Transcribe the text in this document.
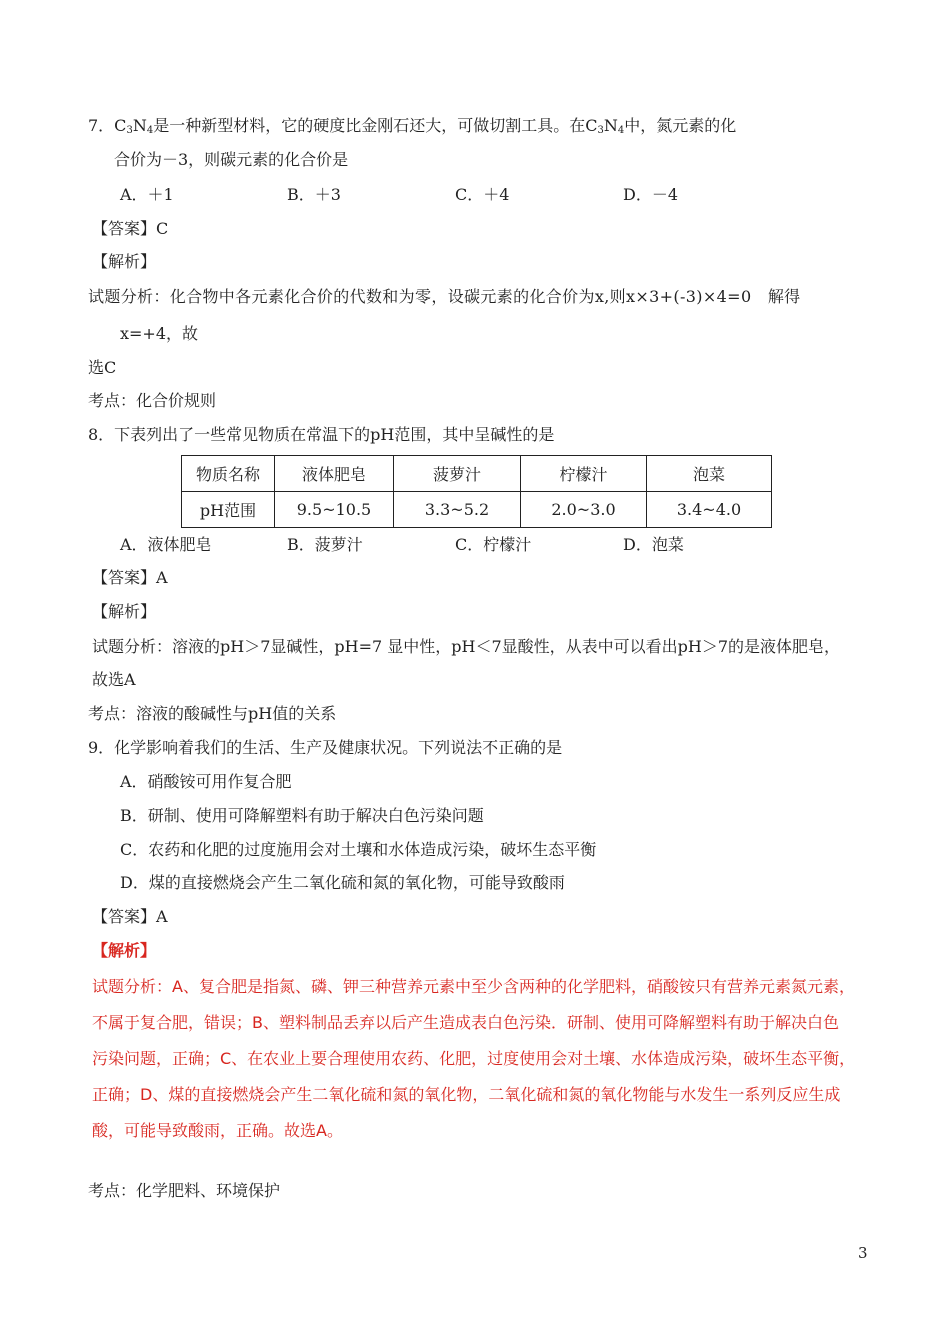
7．$C_3N_4$是一种新型材料，它的硬度比金刚石还大，可做切割工具。在$C_3N_4$中，氮元素的化
合价为－3，则碳元素的化合价是
A．＋1	B．＋3	C．＋4	D．－4
【答案】C
【解析】
试题分析：化合物中各元素化合价的代数和为零，设碳元素的化合价为x,则x×3+(-3)×4=0　解得
x=+4，故
选C
考点：化合价规则
8．下表列出了一些常见物质在常温下的pH范围，其中呈碱性的是
物质名称	液体肥皂	菠萝汁	柠檬汁	泡菜
pH范围	9.5~10.5	3.3~5.2	2.0~3.0	3.4~4.0
A．液体肥皂	B．菠萝汁	C．柠檬汁	D．泡菜
【答案】A
【解析】
试题分析：溶液的pH＞7显碱性，pH=7 显中性，pH＜7显酸性，从表中可以看出pH＞7的是液体肥皂，
故选A
考点：溶液的酸碱性与pH值的关系
9．化学影响着我们的生活、生产及健康状况。下列说法不正确的是
A．硝酸铵可用作复合肥
B．研制、使用可降解塑料有助于解决白色污染问题
C．农药和化肥的过度施用会对土壤和水体造成污染，破坏生态平衡
D．煤的直接燃烧会产生二氧化硫和氮的氧化物，可能导致酸雨
【答案】A
【解析】
试题分析：A、复合肥是指氮、磷、钾三种营养元素中至少含两种的化学肥料，硝酸铵只有营养元素氮元素，
不属于复合肥，错误；B、塑料制品丢弃以后产生造成表白色污染．研制、使用可降解塑料有助于解决白色
污染问题，正确；C、在农业上要合理使用农药、化肥，过度使用会对土壤、水体造成污染，破坏生态平衡，
正确；D、煤的直接燃烧会产生二氧化硫和氮的氧化物，二氧化硫和氮的氧化物能与水发生一系列反应生成
酸，可能导致酸雨，正确。故选A。
考点：化学肥料、环境保护
3
